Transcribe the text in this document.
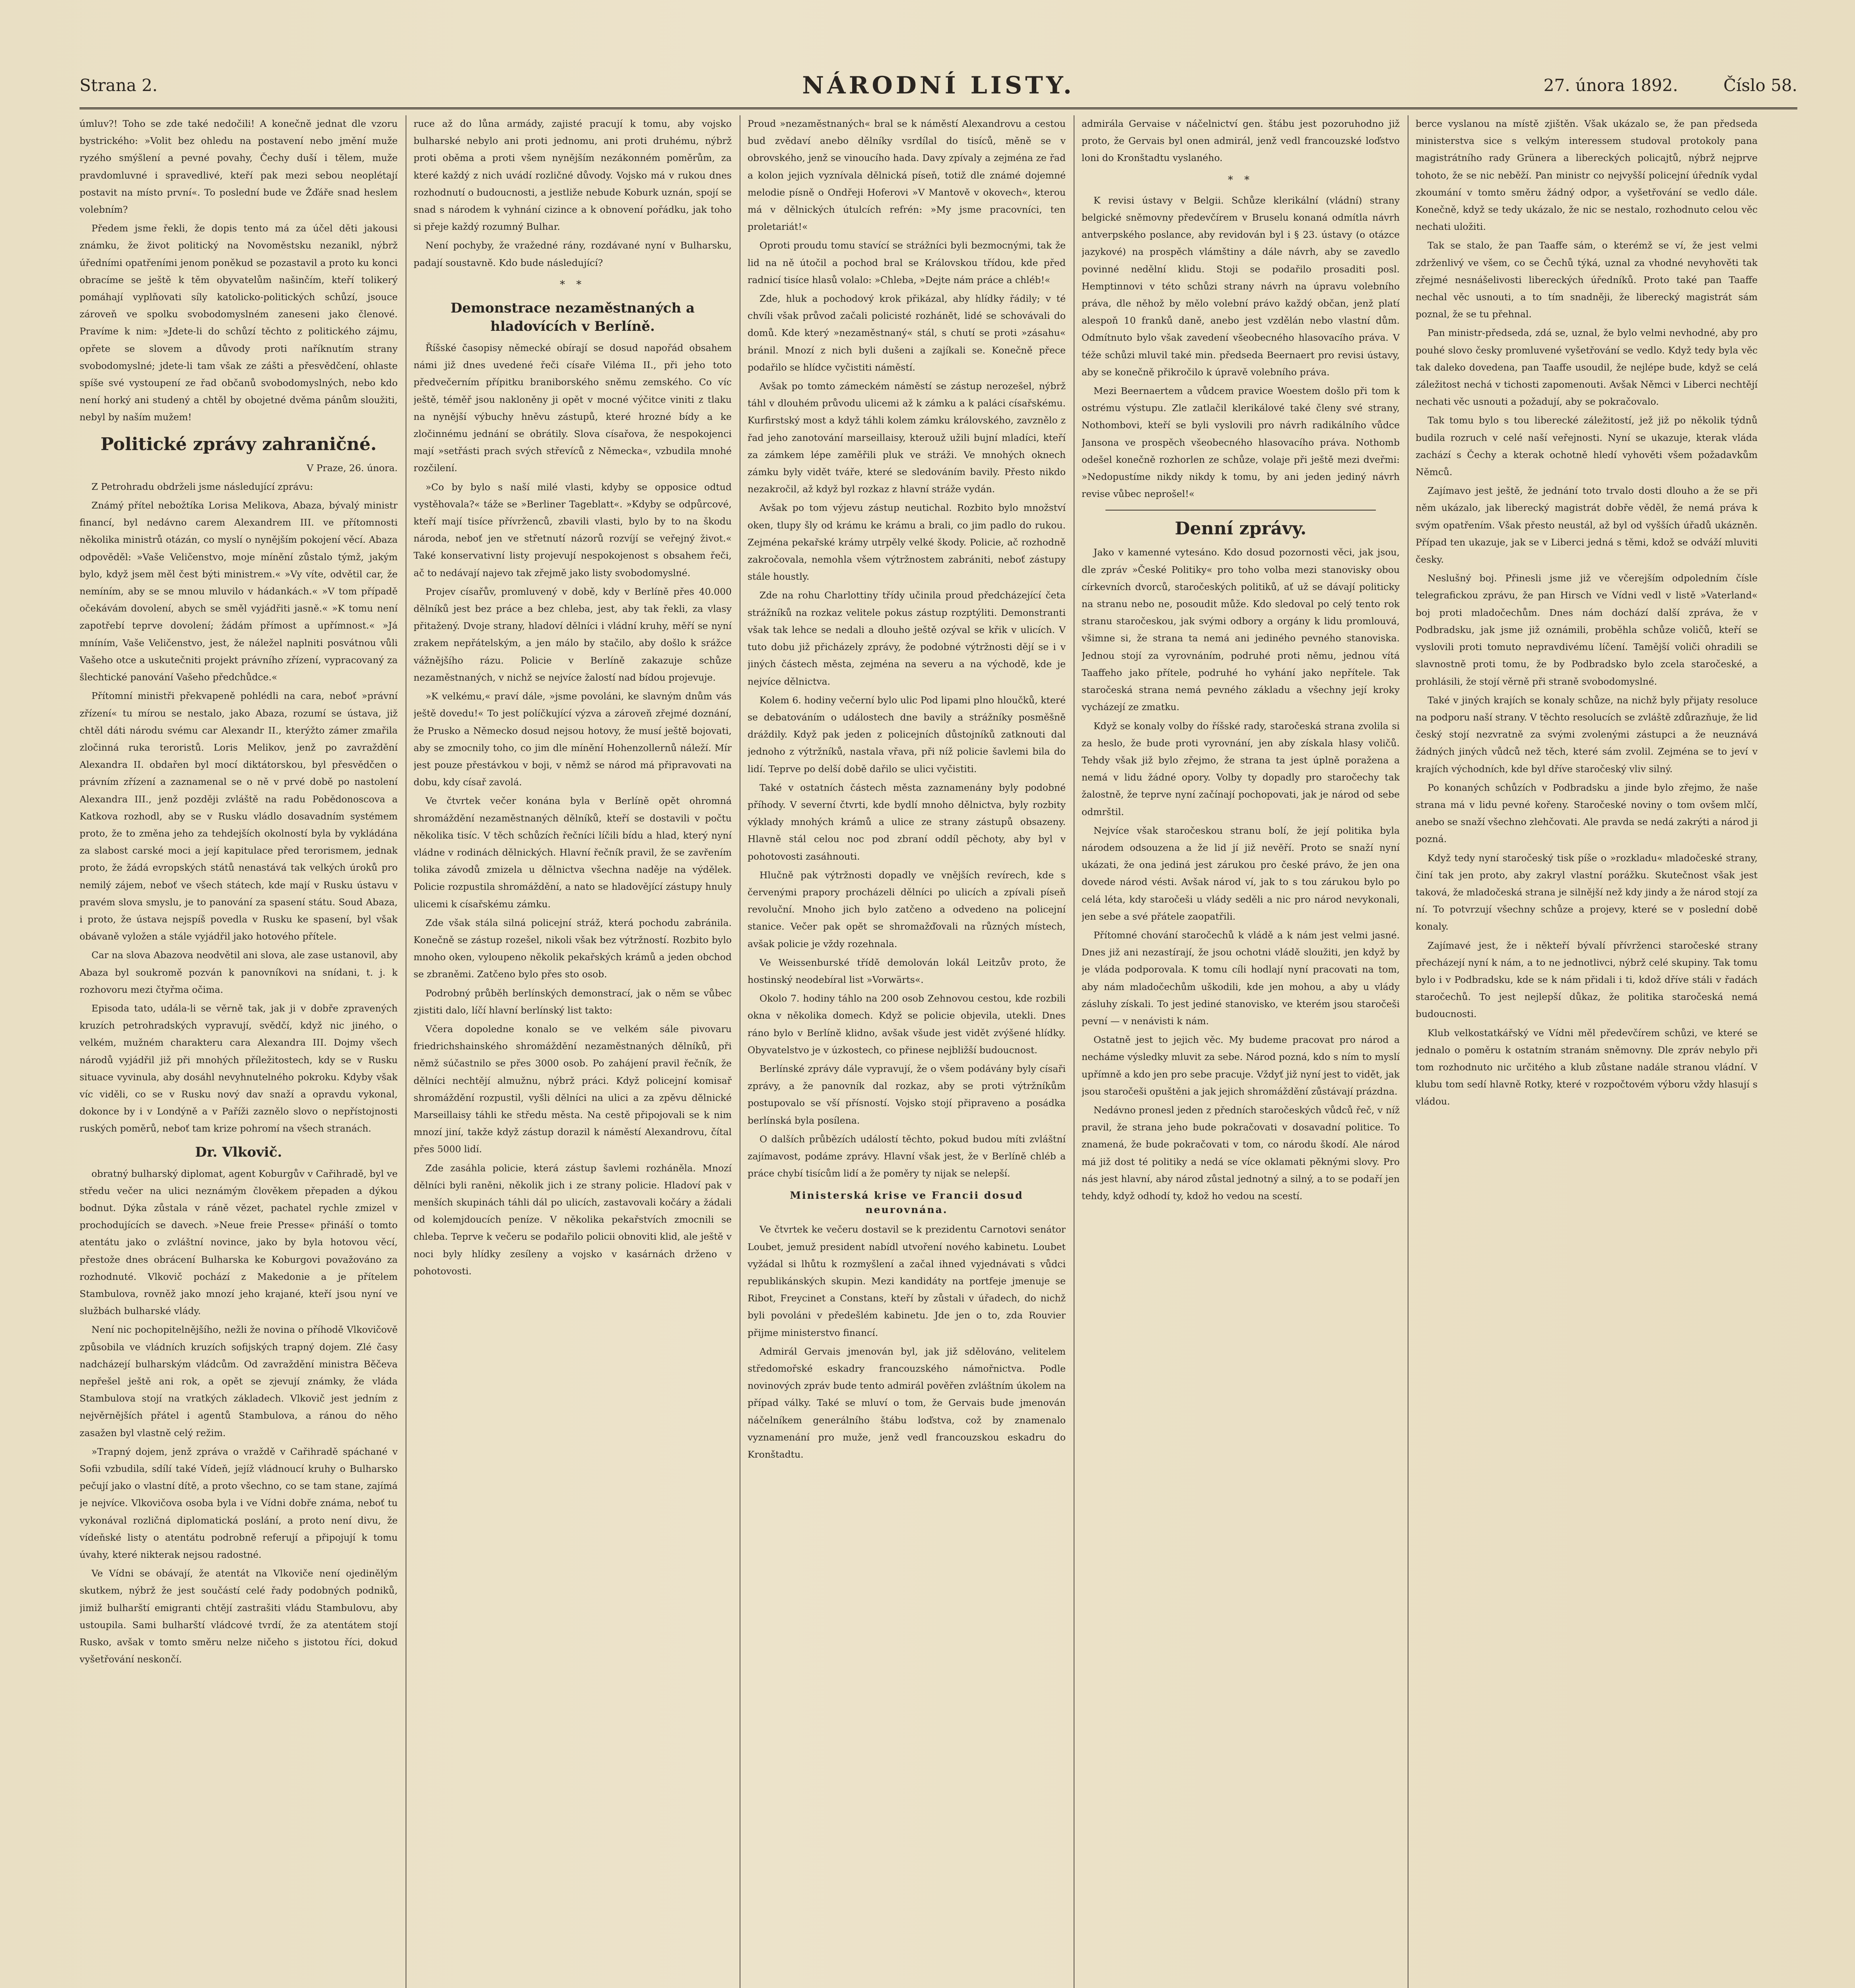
Strana 2.	NÁRODNÍ LISTY.	27. února 1892.	Číslo 58.

úmluv?! Toho se zde také nedočili! A konečně jednat dle vzoru bystrického: »Volit bez ohledu na postavení nebo jmění muže ryzého smýšlení a pevné povahy, Čechy duší i tělem, muže pravdomluvné i spravedlivé, kteří pak mezi sebou neoplétají postavit na místo první«. To poslední bude ve Žďáře snad heslem volebním?

Předem jsme řekli, že dopis tento má za účel děti jakousi známku, že život politický na Novoměstsku nezanikl, nýbrž úředními opatřeními jenom poněkud se pozastavil a proto ku konci obracíme se ještě k těm obyvatelům našinčím, kteří tolikerý pomáhají vyplňovati síly katolicko-politických schůzí, jsouce zároveň ve spolku svobodomyslném zaneseni jako členové. Pravíme k nim: »Jdete-li do schůzí těchto z politického zájmu, opřete se slovem a důvody proti naříknutím strany svobodomyslné; jdete-li tam však ze zášti a přesvědčení, ohlaste spíše své vystoupení ze řad občanů svobodomyslných, nebo kdo není horký ani studený a chtěl by obojetné dvěma pánům sloužiti, nebyl by naším mužem!

Politické zprávy zahraničné.

V Praze, 26. února.

Z Petrohradu obdrželi jsme následující zprávu:

Známý přítel nebožtíka Lorisa Melikova, Abaza, bývalý ministr financí, byl nedávno carem Alexandrem III. ve přítomnosti několika ministrů otázán, co myslí o nynějším pokojení věcí. Abaza odpověděl: »Vaše Veličenstvo, moje mínění zůstalo týmž, jakým bylo, když jsem měl čest býti ministrem.« »Vy víte, odvětil car, že nemíním, aby se se mnou mluvilo v hádankách.« »V tom případě očekávám dovolení, abych se směl vyjádřiti jasně.« »K tomu není zapotřebí teprve dovolení; žádám přímost a upřímnost.« »Já mníním, Vaše Veličenstvo, jest, že náležel naplniti posvátnou vůli Vašeho otce a uskutečniti projekt právního zřízení, vypracovaný za šlechtické panování Vašeho předchůdce.«

Přítomní ministři překvapeně pohlédli na cara, neboť »právní zřízení« tu mírou se nestalo, jako Abaza, rozumí se ústava, již chtěl dáti národu svému car Alexandr II., kterýžto zámer zmařila zločinná ruka teroristů. Loris Melikov, jenž po zavraždění Alexandra II. obdařen byl mocí diktátorskou, byl přesvědčen o právním zřízení a zaznamenal se o ně v prvé době po nastolení Alexandra III., jenž později zvláště na radu Pobědonoscova a Katkova rozhodl, aby se v Rusku vládlo dosavadním systémem proto, že to změna jeho za tehdejších okolností byla by vykládána za slabost carské moci a její kapitulace před terorismem, jednak proto, že žádá evropských států nenastává tak velkých úroků pro nemilý zájem, neboť ve všech státech, kde mají v Rusku ústavu v pravém slova smyslu, je to panování za spasení státu. Soud Abaza, i proto, že ústava nejspíš povedla v Rusku ke spasení, byl však obávaně vyložen a stále vyjádřil jako hotového přítele.

Car na slova Abazova neodvětil ani slova, ale zase ustanovil, aby Abaza byl soukromě pozván k panovníkovi na snídani, t. j. k rozhovoru mezi čtyřma očima.

Episoda tato, udála-li se věrně tak, jak ji v dobře zpravených kruzích petrohradských vypravují, svědčí, když nic jiného, o velkém, mužném charakteru cara Alexandra III. Dojmy všech národů vyjádřil již při mnohých příležitostech, kdy se v Rusku situace vyvinula, aby dosáhl nevyhnutelného pokroku. Kdyby však víc viděli, co se v Rusku nový dav snaží a opravdu vykonal, dokonce by i v Londýně a v Paříži zaznělo slovo o nepřístojnosti ruských poměrů, neboť tam krize pohromí na všech stranách.

Dr. Vlkovič.

obratný bulharský diplomat, agent Koburgův v Cařihradě, byl ve středu večer na ulici neznámým člověkem přepaden a dýkou bodnut. Dýka zůstala v ráně vězet, pachatel rychle zmizel v prochodujících se davech. »Neue freie Presse« přináší o tomto atentátu jako o zvláštní novince, jako by byla hotovou věcí, přestože dnes obrácení Bulharska ke Koburgovi považováno za rozhodnuté. Vlkovič pochází z Makedonie a je přítelem Stambulova, rovněž jako mnozí jeho krajané, kteří jsou nyní ve službách bulharské vlády.

Není nic pochopitelnějšího, nežli že novina o příhodě Vlkovičově způsobila ve vládních kruzích sofijských trapný dojem. Zlé časy nadcházejí bulharským vládcům. Od zavraždění ministra Běčeva nepřešel ještě ani rok, a opět se zjevují známky, že vláda Stambulova stojí na vratkých základech. Vlkovič jest jedním z nejvěrnějších přátel i agentů Stambulova, a ránou do něho zasažen byl vlastně celý režim.

»Trapný dojem, jenž zpráva o vraždě v Cařihradě spáchané v Sofii vzbudila, sdílí také Vídeň, jejíž vládnoucí kruhy o Bulharsko pečují jako o vlastní dítě, a proto všechno, co se tam stane, zajímá je nejvíce. Vlkovičova osoba byla i ve Vídni dobře známa, neboť tu vykonával rozličná diplomatická poslání, a proto není divu, že vídeňské listy o atentátu podrobně referují a připojují k tomu úvahy, které nikterak nejsou radostné.

Ve Vídni se obávají, že atentát na Vlkoviče není ojedinělým skutkem, nýbrž že jest součástí celé řady podobných podniků, jimiž bulharští emigranti chtějí zastrašiti vládu Stambulovu, aby ustoupila. Sami bulharští vládcové tvrdí, že za atentátem stojí Rusko, avšak v tomto směru nelze ničeho s jistotou říci, dokud vyšetřování neskončí.

ruce až do lůna armády, zajisté pracují k tomu, aby vojsko bulharské nebylo ani proti jednomu, ani proti druhému, nýbrž proti oběma a proti všem nynějším nezákonném poměrům, za které každý z nich uvádí rozličné důvody. Vojsko má v rukou dnes rozhodnutí o budoucnosti, a jestliže nebude Koburk uznán, spojí se snad s národem k vyhnání cizince a k obnovení pořádku, jak toho si přeje každý rozumný Bulhar.

Není pochyby, že vražedné rány, rozdávané nyní v Bulharsku, padají soustavně. Kdo bude následující?

* *
Demonstrace nezaměstnaných a hladovících v Berlíně.

Říšské časopisy německé obírají se dosud napořád obsahem námi již dnes uvedené řeči císaře Viléma II., při jeho toto předvečerním přípitku braniborského sněmu zemského. Co víc ještě, téměř jsou nakloněny ji opět v mocné výčitce viniti z tlaku na nynější výbuchy hněvu zástupů, které hrozné bídy a ke zločinnému jednání se obrátily. Slova císařova, že nespokojenci mají »setřásti prach svých střevíců z Německa«, vzbudila mnohé rozčilení.

»Co by bylo s naší milé vlasti, kdyby se opposice odtud vystěhovala?« táže se »Berliner Tageblatt«. »Kdyby se odpůrcové, kteří mají tisíce přívrženců, zbavili vlasti, bylo by to na škodu národa, neboť jen ve střetnutí názorů rozvíjí se veřejný život.« Také konservativní listy projevují nespokojenost s obsahem řeči, ač to nedávají najevo tak zřejmě jako listy svobodomyslné.

Projev císařův, promluvený v době, kdy v Berlíně přes 40.000 dělníků jest bez práce a bez chleba, jest, aby tak řekli, za vlasy přitažený. Dvoje strany, hladoví dělníci i vládní kruhy, měří se nyní zrakem nepřátelským, a jen málo by stačilo, aby došlo k srážce vážnějšího rázu. Policie v Berlíně zakazuje schůze nezaměstnaných, v nichž se nejvíce žalostí nad bídou projevuje.

»K velkému,« praví dále, »jsme povoláni, ke slavným dnům vás ještě dovedu!« To jest políčkující výzva a zároveň zřejmé doznání, že Prusko a Německo dosud nejsou hotovy, že musí ještě bojovati, aby se zmocnily toho, co jim dle mínění Hohenzollernů náleží. Mír jest pouze přestávkou v boji, v němž se národ má připravovati na dobu, kdy císař zavolá.

Ve čtvrtek večer konána byla v Berlíně opět ohromná shromáždění nezaměstnaných dělníků, kteří se dostavili v počtu několika tisíc. V těch schůzích řečníci líčili bídu a hlad, který nyní vládne v rodinách dělnických. Hlavní řečník pravil, že se zavřením tolika závodů zmizela u dělnictva všechna naděje na výdělek. Policie rozpustila shromáždění, a nato se hladovějící zástupy hnuly ulicemi k císařskému zámku.

Zde však stála silná policejní stráž, která pochodu zabránila. Konečně se zástup rozešel, nikoli však bez výtržností. Rozbito bylo mnoho oken, vyloupeno několik pekařských krámů a jeden obchod se zbraněmi. Zatčeno bylo přes sto osob.

Podrobný průběh berlínských demonstrací, jak o něm se vůbec zjistiti dalo, líčí hlavní berlínský list takto:

Včera dopoledne konalo se ve velkém sále pivovaru friedrichshainského shromáždění nezaměstnaných dělníků, při němž súčastnilo se přes 3000 osob. Po zahájení pravil řečník, že dělníci nechtějí almužnu, nýbrž práci. Když policejní komisař shromáždění rozpustil, vyšli dělníci na ulici a za zpěvu dělnické Marseillaisy táhli ke středu města. Na cestě připojovali se k nim mnozí jiní, takže když zástup dorazil k náměstí Alexandrovu, čítal přes 5000 lidí.

Zde zasáhla policie, která zástup šavlemi rozháněla. Mnozí dělníci byli raněni, několik jich i ze strany policie. Hladoví pak v menších skupinách táhli dál po ulicích, zastavovali kočáry a žádali od kolemjdoucích peníze. V několika pekařstvích zmocnili se chleba. Teprve k večeru se podařilo policii obnoviti klid, ale ještě v noci byly hlídky zesíleny a vojsko v kasárnách drženo v pohotovosti.

Proud »nezaměstnaných« bral se k náměstí Alexandrovu a cestou bud zvědaví anebo dělníky vsrdílal do tisíců, měně se v obrovského, jenž se vinoucího hada. Davy zpívaly a zejména ze řad a kolon jejich vyznívala dělnická píseň, totiž dle známé dojemné melodie písně o Ondřeji Hoferovi »V Mantově v okovech«, kterou má v dělnických útulcích refrén: »My jsme pracovníci, ten proletariát!«

Oproti proudu tomu stavící se strážníci byli bezmocnými, tak že lid na ně útočil a pochod bral se Královskou třídou, kde před radnicí tisíce hlasů volalo: »Chleba, »Dejte nám práce a chléb!«

Zde, hluk a pochodový krok přikázal, aby hlídky řádily; v té chvíli však průvod začali policisté rozhánět, lidé se schovávali do domů. Kde který »nezaměstnaný« stál, s chutí se proti »zásahu« bránil. Mnozí z nich byli dušeni a zajíkali se. Konečně přece podařilo se hlídce vyčistiti náměstí.

Avšak po tomto zámeckém náměstí se zástup nerozešel, nýbrž táhl v dlouhém průvodu ulicemi až k zámku a k paláci císařskému. Kurfirstský most a když táhli kolem zámku královského, zavznělo z řad jeho zanotování marseillaisy, kterouž užili bujní mladíci, kteří za zámkem lépe zaměřili pluk ve stráži. Ve mnohých oknech zámku byly vidět tváře, které se sledováním bavily. Přesto nikdo nezakročil, až když byl rozkaz z hlavní stráže vydán.

Avšak po tom výjevu zástup neutichal. Rozbito bylo množství oken, tlupy šly od krámu ke krámu a brali, co jim padlo do rukou. Zejména pekařské krámy utrpěly velké škody. Policie, ač rozhodně zakročovala, nemohla všem výtržnostem zabrániti, neboť zástupy stále houstly.

Zde na rohu Charlottiny třídy učinila proud předcházející četa strážníků na rozkaz velitele pokus zástup rozptýliti. Demonstranti však tak lehce se nedali a dlouho ještě ozýval se křik v ulicích. V tuto dobu již přicházely zprávy, že podobné výtržnosti dějí se i v jiných částech města, zejména na severu a na východě, kde je nejvíce dělnictva.

Kolem 6. hodiny večerní bylo ulic Pod lipami plno hloučků, které se debatováním o událostech dne bavily a strážníky posměšně dráždily. Když pak jeden z policejních důstojníků zatknouti dal jednoho z výtržníků, nastala vřava, při níž policie šavlemi bila do lidí. Teprve po delší době dařilo se ulici vyčistiti.

Také v ostatních částech města zaznamenány byly podobné příhody. V severní čtvrti, kde bydlí mnoho dělnictva, byly rozbity výklady mnohých krámů a ulice ze strany zástupů obsazeny. Hlavně stál celou noc pod zbraní oddíl pěchoty, aby byl v pohotovosti zasáhnouti.

Hlučně pak výtržnosti dopadly ve vnějších revírech, kde s červenými prapory procházeli dělníci po ulicích a zpívali píseň revoluční. Mnoho jich bylo zatčeno a odvedeno na policejní stanice. Večer pak opět se shromažďovali na různých místech, avšak policie je vždy rozehnala.

Ve Weissenburské třídě demolován lokál Leitzův proto, že hostinský neodebíral list »Vorwärts«.

Okolo 7. hodiny táhlo na 200 osob Zehnovou cestou, kde rozbili okna v několika domech. Když se policie objevila, utekli. Dnes ráno bylo v Berlíně klidno, avšak všude jest vidět zvýšené hlídky. Obyvatelstvo je v úzkostech, co přinese nejbližší budoucnost.

Berlínské zprávy dále vypravují, že o všem podávány byly císaři zprávy, a že panovník dal rozkaz, aby se proti výtržníkům postupovalo se vší přísností. Vojsko stojí připraveno a posádka berlínská byla posílena.

O dalších průbězích událostí těchto, pokud budou míti zvláštní zajímavost, podáme zprávy. Hlavní však jest, že v Berlíně chléb a práce chybí tisícům lidí a že poměry ty nijak se nelepší.

Ministerská krise ve Francii dosud neurovnána.

Ve čtvrtek ke večeru dostavil se k prezidentu Carnotovi senátor Loubet, jemuž president nabídl utvoření nového kabinetu. Loubet vyžádal si lhůtu k rozmyšlení a začal ihned vyjednávati s vůdci republikánských skupin. Mezi kandidáty na portfeje jmenuje se Ribot, Freycinet a Constans, kteří by zůstali v úřadech, do nichž byli povoláni v předešlém kabinetu. Jde jen o to, zda Rouvier přijme ministerstvo financí.

Admirál Gervais jmenován byl, jak již sdělováno, velitelem středomořské eskadry francouzského námořnictva. Podle novinových zpráv bude tento admirál pověřen zvláštním úkolem na případ války. Také se mluví o tom, že Gervais bude jmenován náčelníkem generálního štábu loďstva, což by znamenalo vyznamenání pro muže, jenž vedl francouzskou eskadru do Kronštadtu.

admirála Gervaise v náčelnictví gen. štábu jest pozoruhodno již proto, že Gervais byl onen admirál, jenž vedl francouzské loďstvo loni do Kronštadtu vyslaného.

* *

K revisi ústavy v Belgii. Schůze klerikální (vládní) strany belgické sněmovny předevčírem v Bruselu konaná odmítla návrh antverpského poslance, aby revidován byl i § 23. ústavy (o otázce jazykové) na prospěch vlámštiny a dále návrh, aby se zavedlo povinné nedělní klidu. Stoji se podařilo prosaditi posl. Hemptinnovi v této schůzi strany návrh na úpravu volebního práva, dle něhož by mělo volební právo každý občan, jenž platí alespoň 10 franků daně, anebo jest vzdělán nebo vlastní dům. Odmítnuto bylo však zavedení všeobecného hlasovacího práva. V téže schůzi mluvil také min. předseda Beernaert pro revisi ústavy, aby se konečně přikročilo k úpravě volebního práva.

Mezi Beernaertem a vůdcem pravice Woestem došlo při tom k ostrému výstupu. Zle zatlačil klerikálové také členy své strany, Nothombovi, kteří se byli vyslovili pro návrh radikálního vůdce Jansona ve prospěch všeobecného hlasovacího práva. Nothomb odešel konečně rozhorlen ze schůze, volaje při ještě mezi dveřmi: »Nedopustíme nikdy nikdy k tomu, by ani jeden jediný návrh revise vůbec neprošel!«

Denní zprávy.

Jako v kamenné vytesáno. Kdo dosud pozornosti věci, jak jsou, dle zpráv »České Politiky« pro toho volba mezi stanovisky obou církevních dvorců, staročeských politiků, ať už se dávají politicky na stranu nebo ne, posoudit může. Kdo sledoval po celý tento rok stranu staročeskou, jak svými odbory a orgány k lidu promlouvá, všimne si, že strana ta nemá ani jediného pevného stanoviska. Jednou stojí za vyrovnáním, podruhé proti němu, jednou vítá Taaffeho jako přítele, podruhé ho vyhání jako nepřítele. Tak staročeská strana nemá pevného základu a všechny její kroky vycházejí ze zmatku.

Když se konaly volby do říšské rady, staročeská strana zvolila si za heslo, že bude proti vyrovnání, jen aby získala hlasy voličů. Tehdy však již bylo zřejmo, že strana ta jest úplně poražena a nemá v lidu žádné opory. Volby ty dopadly pro staročechy tak žalostně, že teprve nyní začínají pochopovati, jak je národ od sebe odmrštil.

Nejvíce však staročeskou stranu bolí, že její politika byla národem odsouzena a že lid jí již nevěří. Proto se snaží nyní ukázati, že ona jediná jest zárukou pro české právo, že jen ona dovede národ vésti. Avšak národ ví, jak to s tou zárukou bylo po celá léta, kdy staročeši u vlády seděli a nic pro národ nevykonali, jen sebe a své přátele zaopatřili.

Přítomné chování staročechů k vládě a k nám jest velmi jasné. Dnes již ani nezastírají, že jsou ochotni vládě sloužiti, jen když by je vláda podporovala. K tomu cíli hodlají nyní pracovati na tom, aby nám mladočechům uškodili, kde jen mohou, a aby u vlády zásluhy získali. To jest jediné stanovisko, ve kterém jsou staročeši pevní — v nenávisti k nám.

Ostatně jest to jejich věc. My budeme pracovat pro národ a necháme výsledky mluvit za sebe. Národ pozná, kdo s ním to myslí upřímně a kdo jen pro sebe pracuje. Vždyť již nyní jest to vidět, jak jsou staročeši opuštěni a jak jejich shromáždění zůstávají prázdna.

Nedávno pronesl jeden z předních staročeských vůdců řeč, v níž pravil, že strana jeho bude pokračovati v dosavadní politice. To znamená, že bude pokračovati v tom, co národu škodí. Ale národ má již dost té politiky a nedá se více oklamati pěknými slovy. Pro nás jest hlavní, aby národ zůstal jednotný a silný, a to se podaří jen tehdy, když odhodí ty, kdož ho vedou na scestí.

berce vyslanou na místě zjištěn. Však ukázalo se, že pan předseda ministerstva sice s velkým interessem studoval protokoly pana magistrátního rady Grünera a libereckých policajtů, nýbrž nejprve tohoto, že se nic neběží. Pan ministr co nejvyšší policejní úředník vydal zkoumání v tomto směru žádný odpor, a vyšetřování se vedlo dále. Konečně, když se tedy ukázalo, že nic se nestalo, rozhodnuto celou věc nechati uložiti.

Tak se stalo, že pan Taaffe sám, o kterémž se ví, že jest velmi zdrženlivý ve všem, co se Čechů týká, uznal za vhodné nevyhověti tak zřejmé nesnášelivosti libereckých úředníků. Proto také pan Taaffe nechal věc usnouti, a to tím snadněji, že liberecký magistrát sám poznal, že se tu přehnal.

Pan ministr-předseda, zdá se, uznal, že bylo velmi nevhodné, aby pro pouhé slovo česky promluvené vyšetřování se vedlo. Když tedy byla věc tak daleko dovedena, pan Taaffe usoudil, že nejlépe bude, když se celá záležitost nechá v tichosti zapomenouti. Avšak Němci v Liberci nechtějí nechati věc usnouti a požadují, aby se pokračovalo.

Tak tomu bylo s tou liberecké záležitostí, jež již po několik týdnů budila rozruch v celé naší veřejnosti. Nyní se ukazuje, kterak vláda zachází s Čechy a kterak ochotně hledí vyhověti všem požadavkům Němců.

Zajímavo jest ještě, že jednání toto trvalo dosti dlouho a že se při něm ukázalo, jak liberecký magistrát dobře věděl, že nemá práva k svým opatřením. Však přesto neustál, až byl od vyšších úřadů ukázněn. Případ ten ukazuje, jak se v Liberci jedná s těmi, kdož se odváží mluviti česky.

Neslušný boj. Přinesli jsme již ve včerejším odpoledním čísle telegrafickou zprávu, že pan Hirsch ve Vídni vedl v listě »Vaterland« boj proti mladočechům. Dnes nám dochází další zpráva, že v Podbradsku, jak jsme již oznámili, proběhla schůze voličů, kteří se vyslovili proti tomuto nepravdivému líčení. Tamější voliči ohradili se slavnostně proti tomu, že by Podbradsko bylo zcela staročeské, a prohlásili, že stojí věrně při straně svobodomyslné.

Také v jiných krajích se konaly schůze, na nichž byly přijaty resoluce na podporu naší strany. V těchto resolucích se zvláště zdůrazňuje, že lid český stojí nezvratně za svými zvolenými zástupci a že neuznává žádných jiných vůdců než těch, které sám zvolil. Zejména se to jeví v krajích východních, kde byl dříve staročeský vliv silný.

Po konaných schůzích v Podbradsku a jinde bylo zřejmo, že naše strana má v lidu pevné kořeny. Staročeské noviny o tom ovšem mlčí, anebo se snaží všechno zlehčovati. Ale pravda se nedá zakrýti a národ ji pozná.

Když tedy nyní staročeský tisk píše o »rozkladu« mladočeské strany, činí tak jen proto, aby zakryl vlastní porážku. Skutečnost však jest taková, že mladočeská strana je silnější než kdy jindy a že národ stojí za ní. To potvrzují všechny schůze a projevy, které se v poslední době konaly.

Zajímavé jest, že i někteří bývalí přívrženci staročeské strany přecházejí nyní k nám, a to ne jednotlivci, nýbrž celé skupiny. Tak tomu bylo i v Podbradsku, kde se k nám přidali i ti, kdož dříve stáli v řadách staročechů. To jest nejlepší důkaz, že politika staročeská nemá budoucnosti.

Klub velkostatkářský ve Vídni měl předevčírem schůzi, ve které se jednalo o poměru k ostatním stranám sněmovny. Dle zpráv nebylo při tom rozhodnuto nic určitého a klub zůstane nadále stranou vládní. V klubu tom sedí hlavně Rotky, které v rozpočtovém výboru vždy hlasují s vládou.
